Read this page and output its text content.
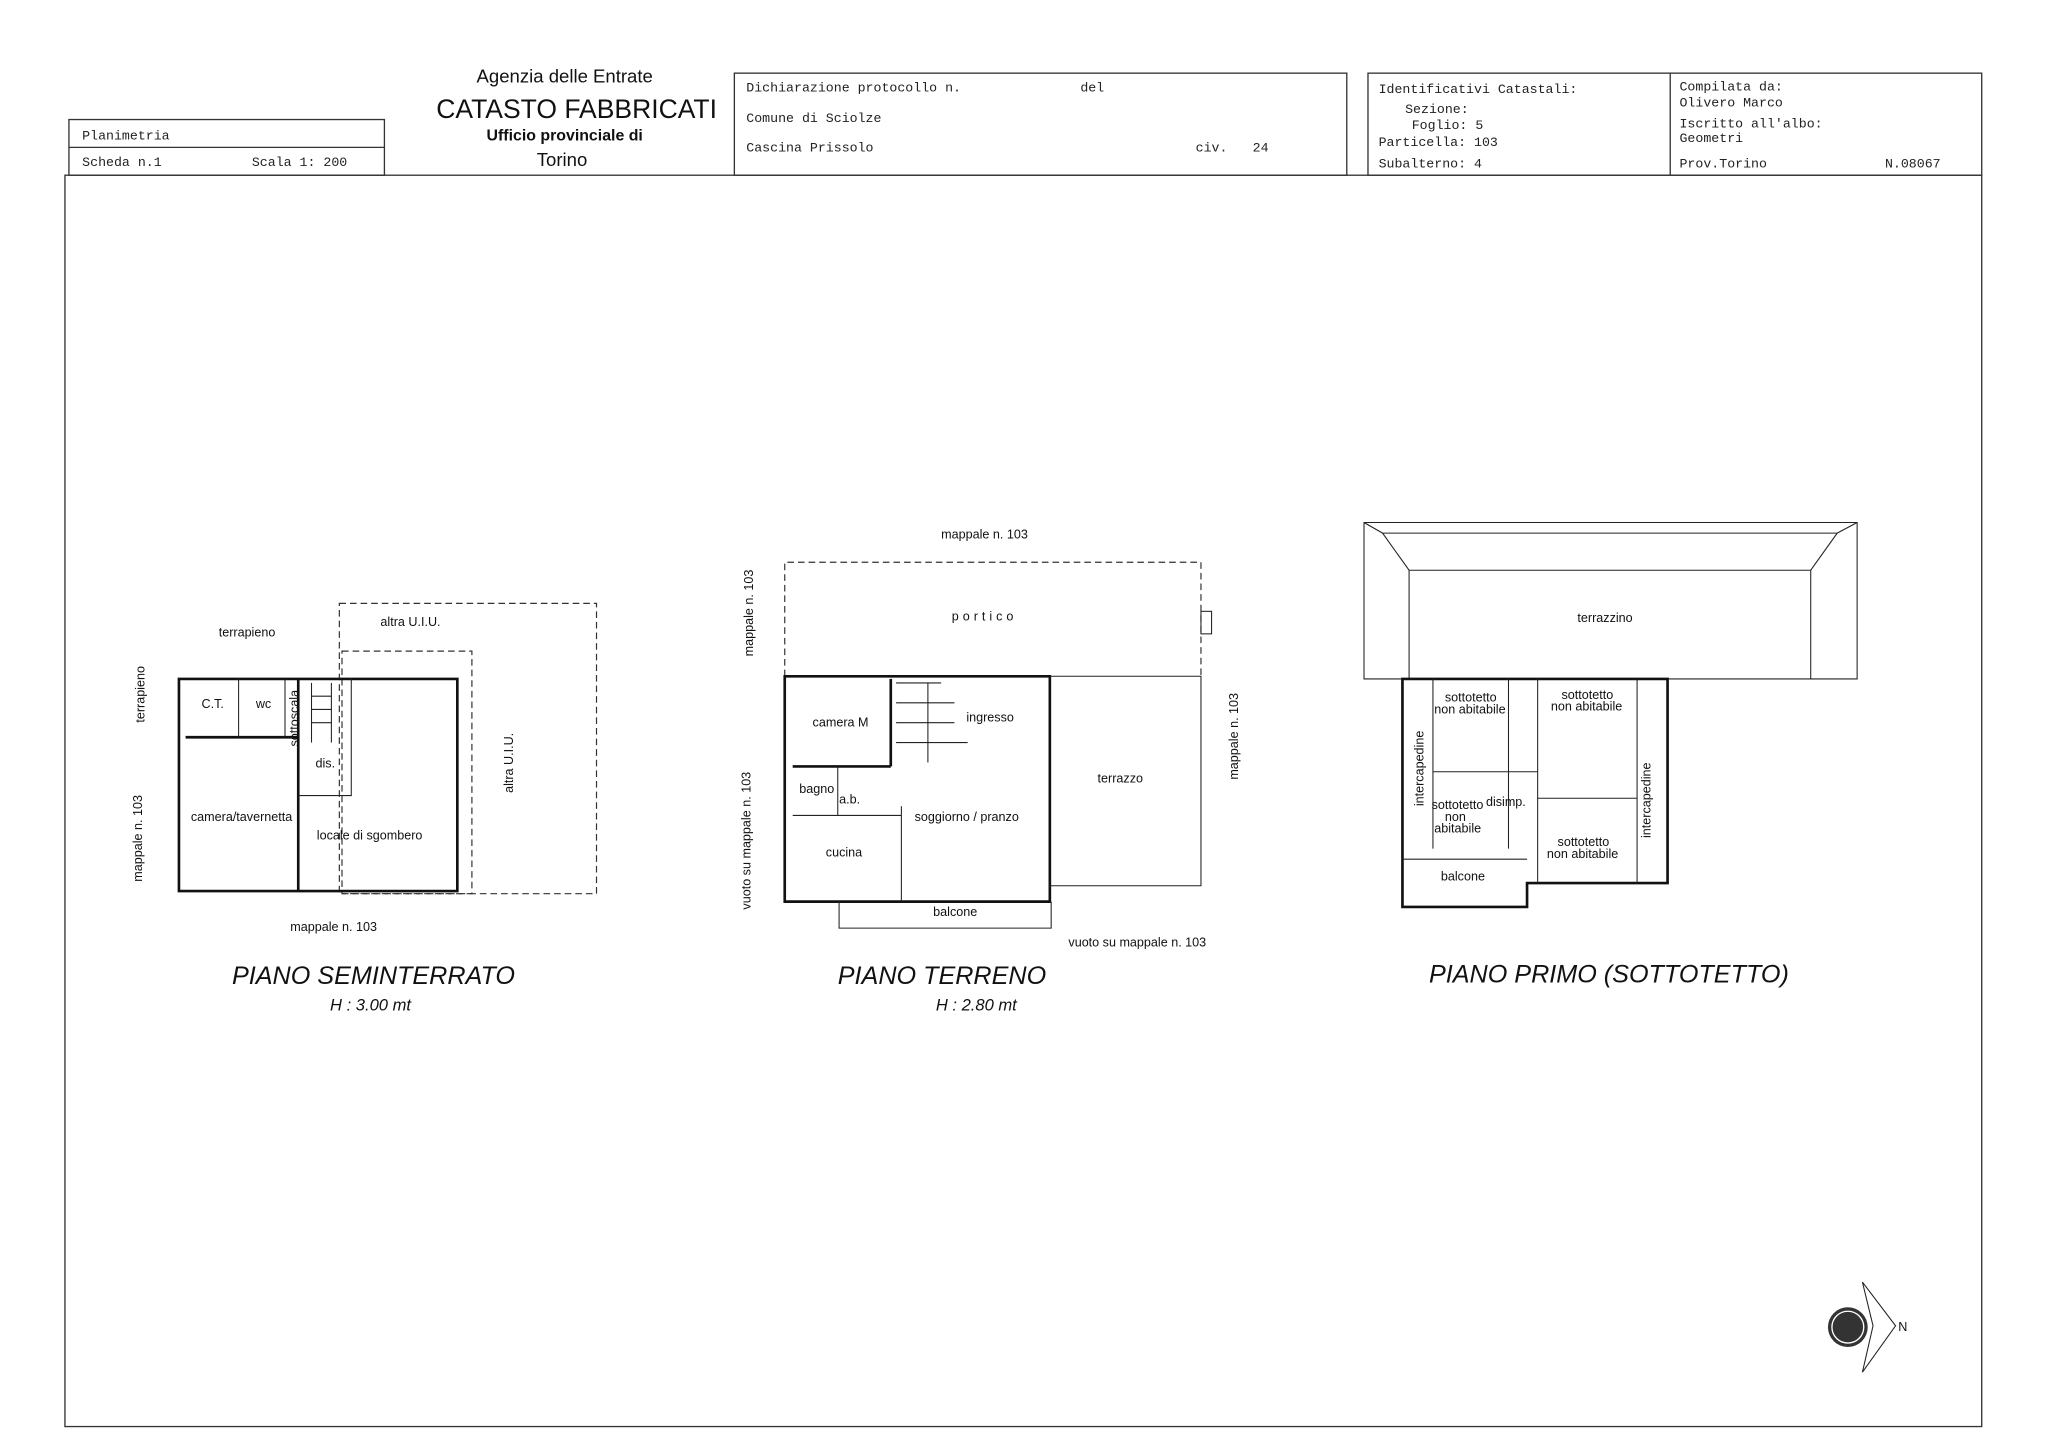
Planimetria
Scheda n.1	Scala 1: 200
Agenzia delle Entrate
CATASTO FABBRICATI
Ufficio provinciale di
Torino
Dichiarazione protocollo n.	del
Comune di Sciolze
Cascina Prissolo	civ.	24
Identificativi Catastali:
Sezione:
Foglio: 5
Particella: 103
Subalterno: 4
Compilata da:
Olivero Marco
Iscritto all'albo:
Geometri
Prov.Torino	N.08067
terrapieno
terrapieno
altra U.I.U.
altra U.I.U.
C.T.	wc sottoscala
dis.
camera/tavernetta
locale di sgombero
mappale n. 103
mappale n. 103
PIANO SEMINTERRATO
H : 3.00 mt
mappale n. 103
mappale n. 103
mappale n. 103
portico
camera M	ingresso
bagno
a.b.
soggiorno / pranzo
cucina
terrazzo
balcone
vuoto su mappale n. 103
vuoto su mappale n. 103
PIANO TERRENO
H : 2.80 mt
terrazzino
sottotetto
non abitabile
sottotetto
non abitabile
sottotetto
non
abitabile
disimp.
sottotetto
non abitabile
intercapedine	intercapedine
balcone
PIANO PRIMO (SOTTOTETTO)
N
